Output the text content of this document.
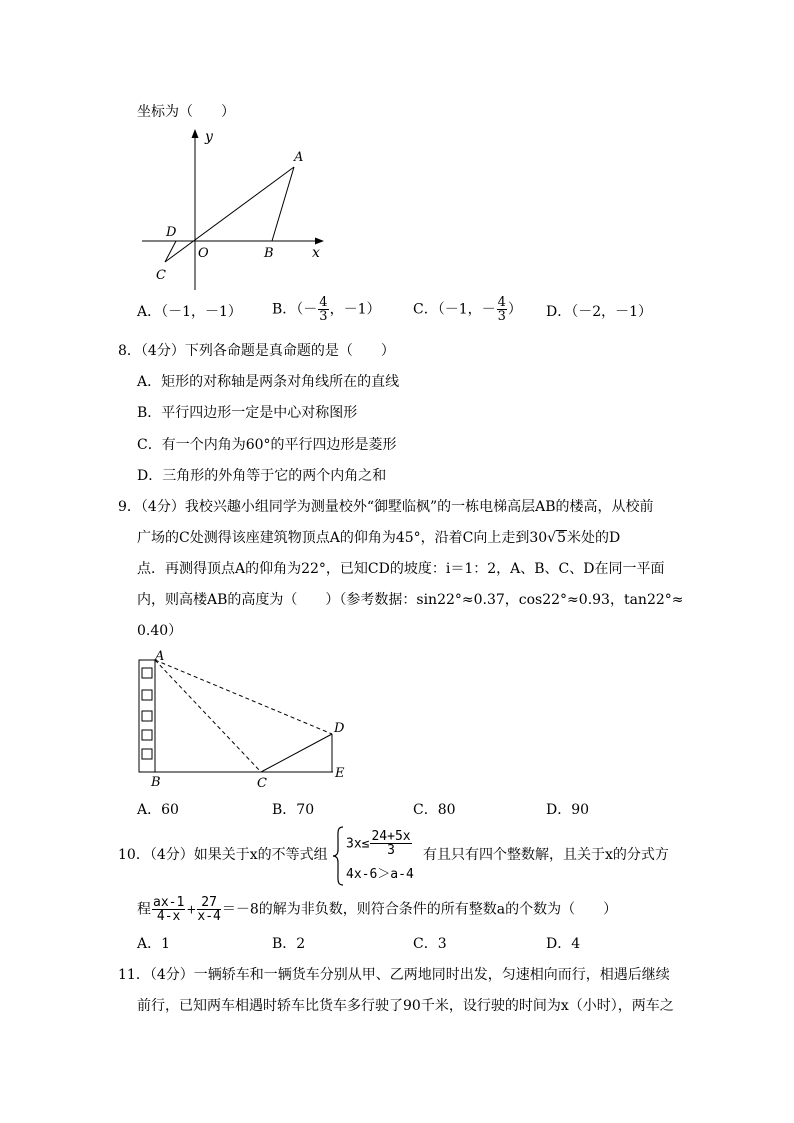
坐标为（　　）
y
A
D
O	B	x
C
A．（－1，－1） B．（－ $\frac{4}{3}$ ，－1） C．（－1，－ $\frac{4}{3}$ ） D．（－2，－1）
8．（4分）下列各命题是真命题的是（　　）
A．矩形的对称轴是两条对角线所在的直线
B．平行四边形一定是中心对称图形
C．有一个内角为60°的平行四边形是菱形
D．三角形的外角等于它的两个内角之和
9．（4分）我校兴趣小组同学为测量校外“御墅临枫”的一栋电梯高层AB的楼高，从校前
广场的C处测得该座建筑物顶点A的仰角为45°，沿着C向上走到30√5米处的D
点．再测得顶点A的仰角为22°，已知CD的坡度：i＝1：2，A、B、C、D在同一平面
内，则高楼AB的高度为（　　）（参考数据：sin22°≈0.37，cos22°≈0.93，tan22°≈
0.40）
A
D
B	C
E
A．60	B．70	C．80	D．90
10．（4分）如果关于x的不等式组
$3x\le \frac{24+5x}{3}$
4x-6＞a-4
有且只有四个整数解，且关于x的分式方
程 $\frac{ax-1}{4-x} + \frac{27}{x-4} =-8$的解为非负数，则符合条件的所有整数a的个数为（　　）
A．1	B．2	C．3	D．4
11．（4分）一辆轿车和一辆货车分别从甲、乙两地同时出发，匀速相向而行，相遇后继续
前行，已知两车相遇时轿车比货车多行驶了90千米，设行驶的时间为x（小时），两车之
